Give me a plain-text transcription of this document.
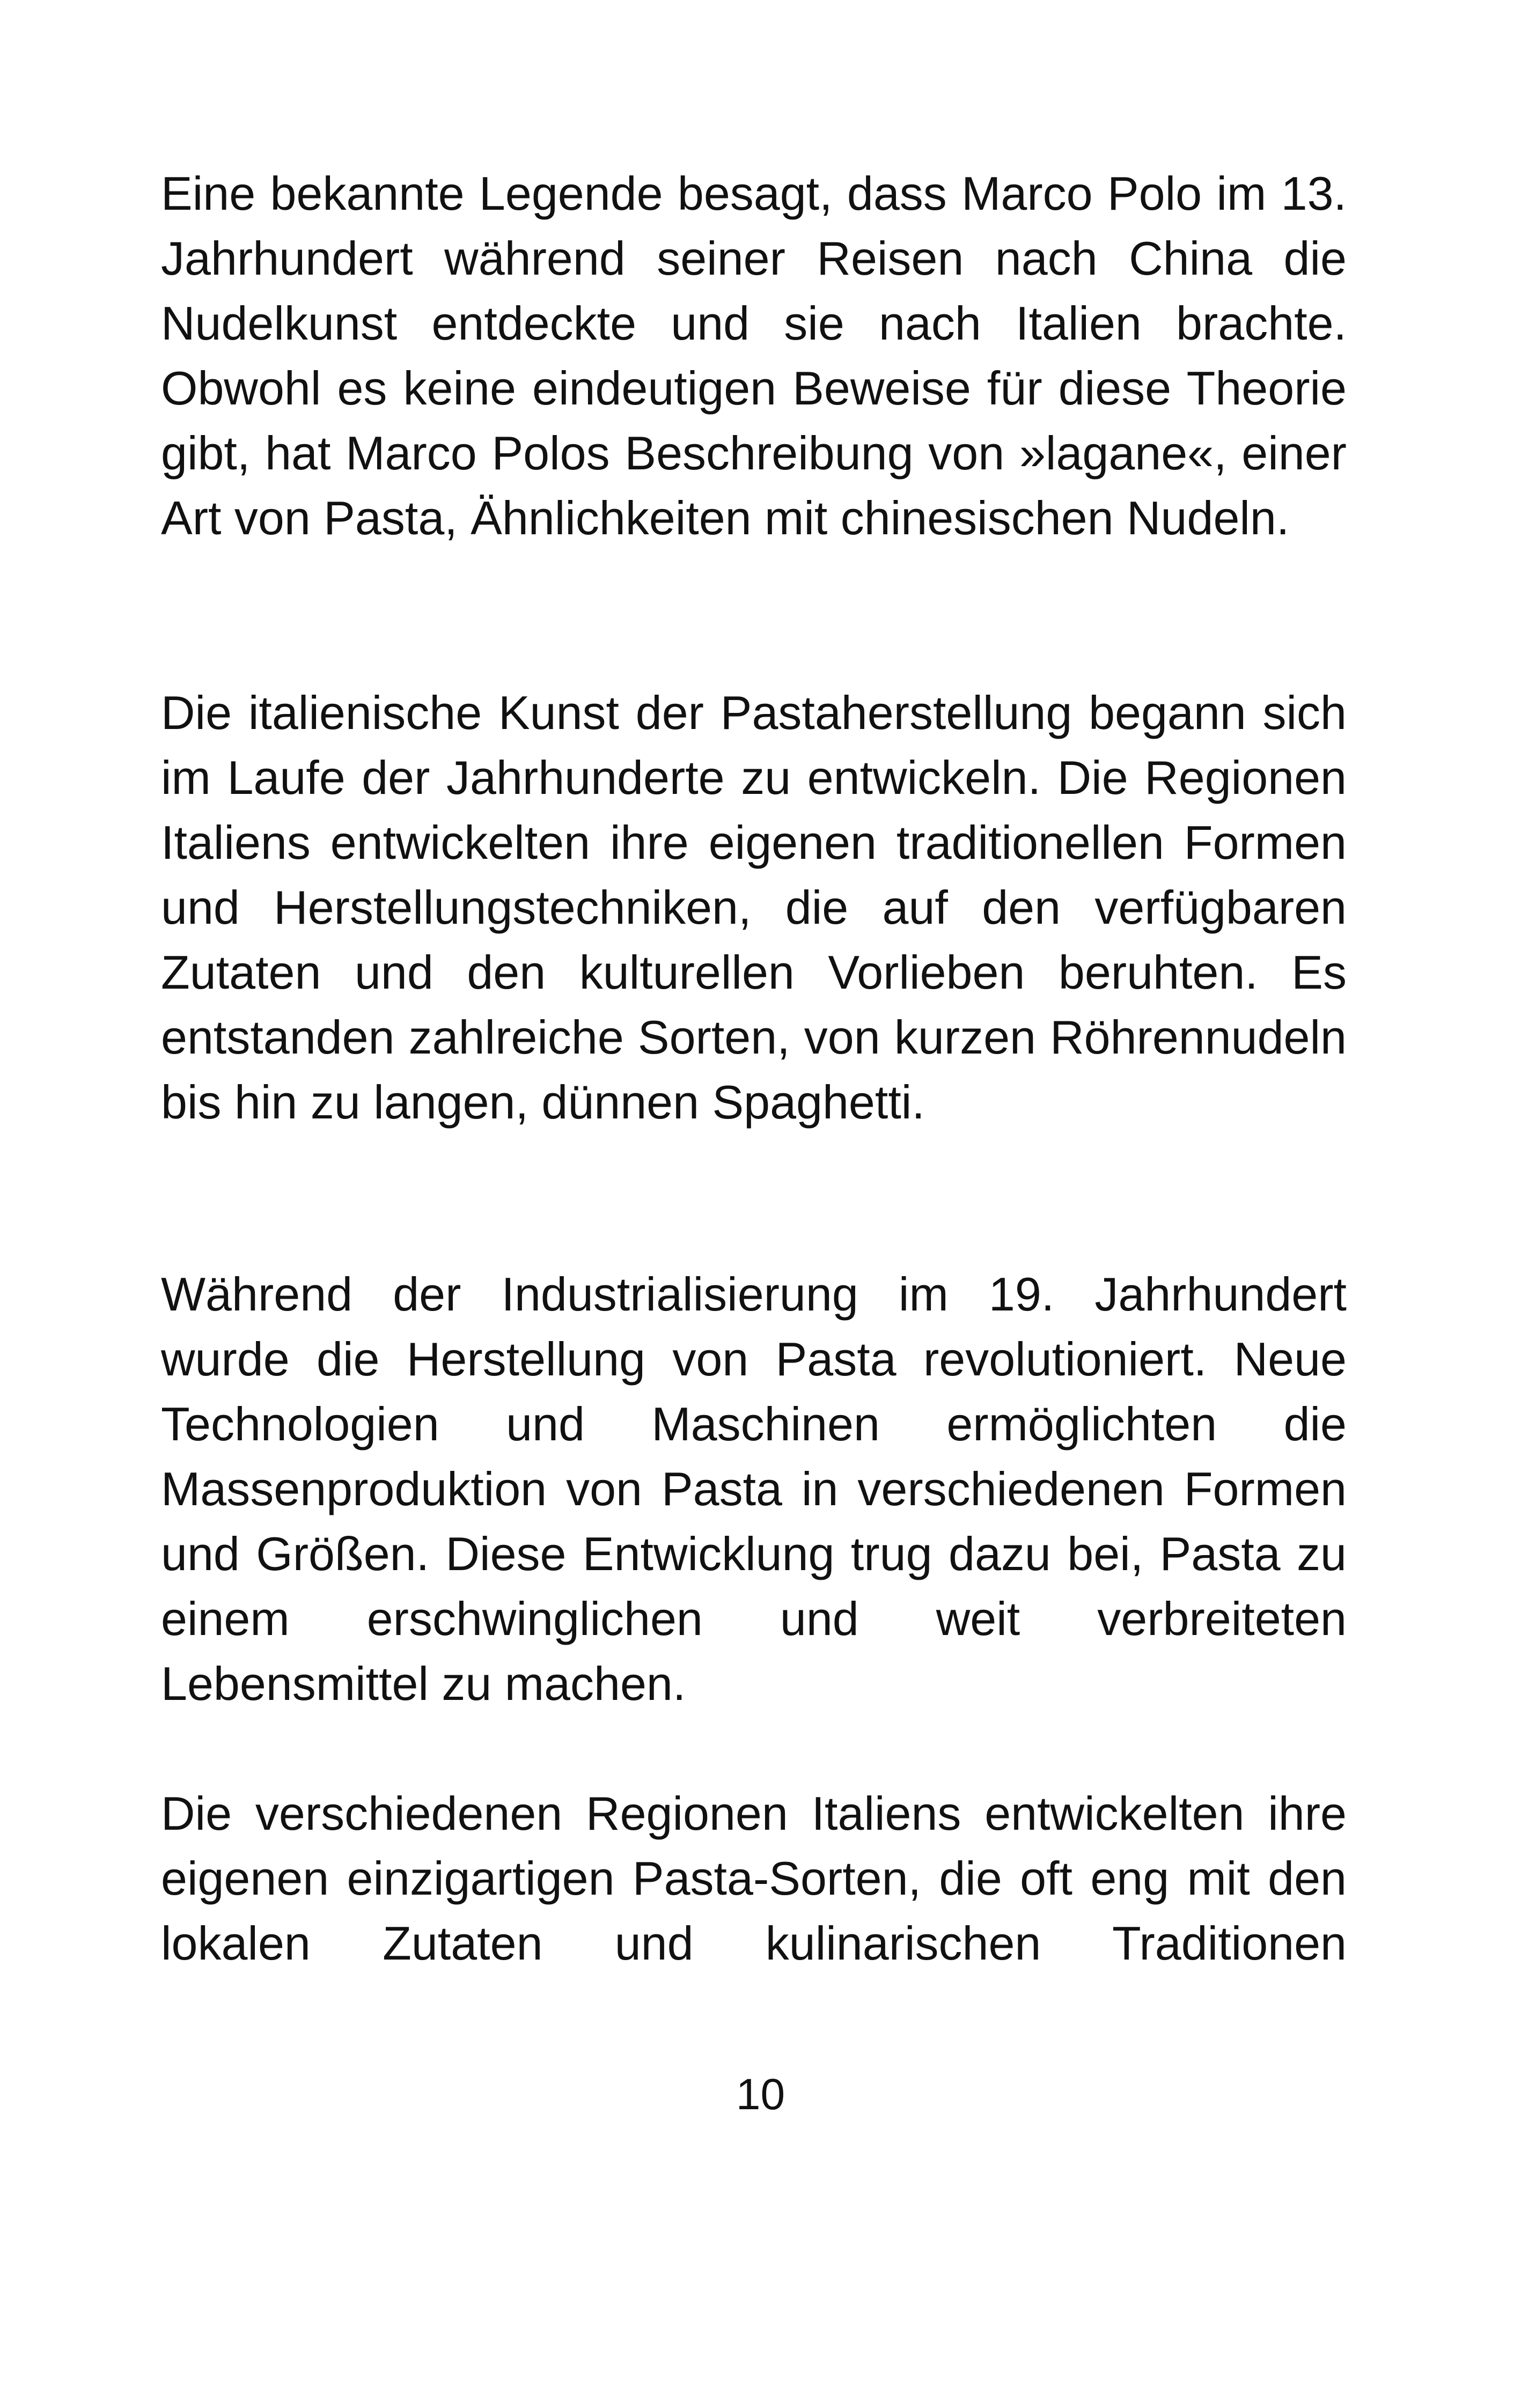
Eine bekannte Legende besagt, dass Marco Polo im 13. Jahrhundert während seiner Reisen nach China die Nudelkunst entdeckte und sie nach Italien brachte. Obwohl es keine eindeutigen Beweise für diese Theorie gibt, hat Marco Polos Beschreibung von »lagane«, einer Art von Pasta, Ähnlichkeiten mit chinesischen Nudeln.

Die italienische Kunst der Pastaherstellung begann sich im Laufe der Jahrhunderte zu entwickeln. Die Regionen Italiens entwickelten ihre eigenen traditionellen Formen und Herstellungstechniken, die auf den verfügbaren Zutaten und den kulturellen Vorlieben beruhten. Es entstanden zahlreiche Sorten, von kurzen Röhrennudeln bis hin zu langen, dünnen Spaghetti.

Während der Industrialisierung im 19. Jahrhundert wurde die Herstellung von Pasta revolutioniert. Neue Technologien und Maschinen ermöglichten die Massenproduktion von Pasta in verschiedenen Formen und Größen. Diese Entwicklung trug dazu bei, Pasta zu einem erschwinglichen und weit verbreiteten Lebensmittel zu machen.

Die verschiedenen Regionen Italiens entwickelten ihre eigenen einzigartigen Pasta-Sorten, die oft eng mit den lokalen Zutaten und kulinarischen Traditionen

10
